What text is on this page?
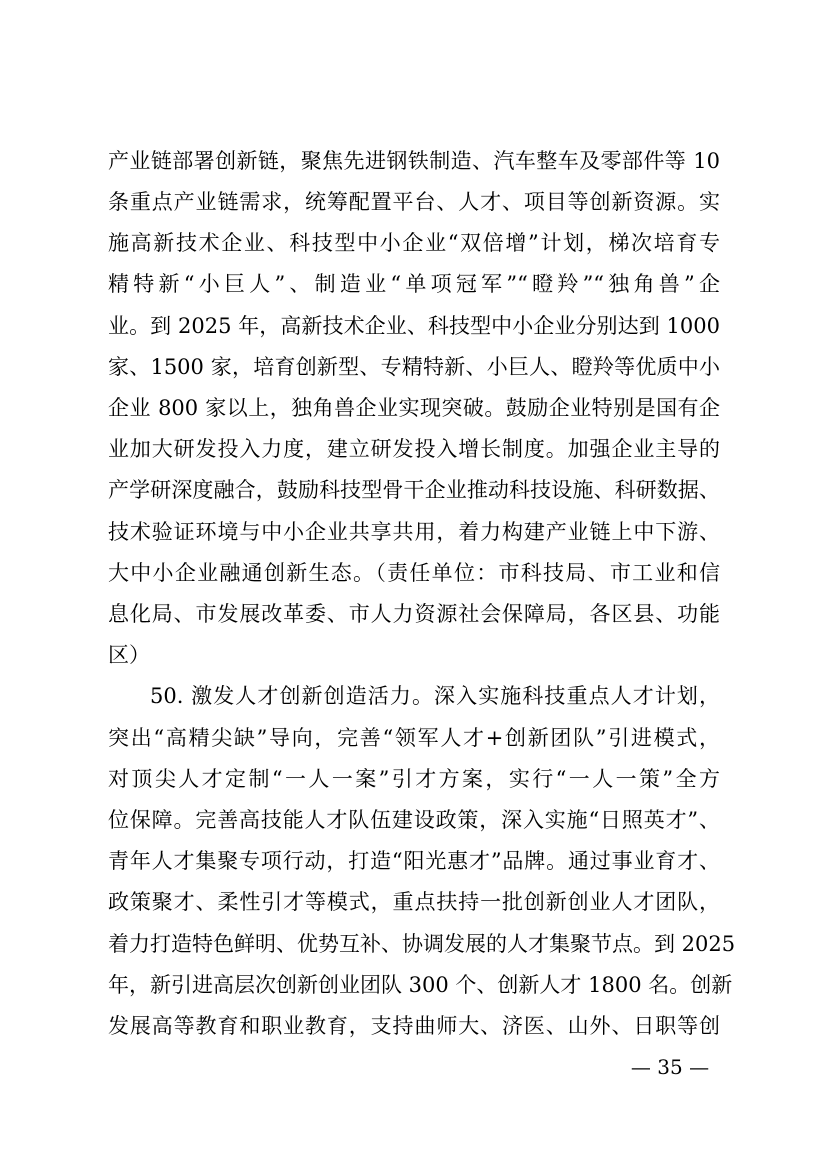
产业链部署创新链，聚焦先进钢铁制造、汽车整车及零部件等 10
条重点产业链需求，统筹配置平台、人才、项目等创新资源。实
施高新技术企业、科技型中小企业“双倍增”计划，梯次培育专
精特新“小巨人”、制造业“单项冠军”“瞪羚”“独角兽”企
业。到 2025 年，高新技术企业、科技型中小企业分别达到 1000
家、1500 家，培育创新型、专精特新、小巨人、瞪羚等优质中小
企业 800 家以上，独角兽企业实现突破。鼓励企业特别是国有企
业加大研发投入力度，建立研发投入增长制度。加强企业主导的
产学研深度融合，鼓励科技型骨干企业推动科技设施、科研数据、
技术验证环境与中小企业共享共用，着力构建产业链上中下游、
大中小企业融通创新生态。（责任单位：市科技局、市工业和信
息化局、市发展改革委、市人力资源社会保障局，各区县、功能
区）
50. 激发人才创新创造活力。深入实施科技重点人才计划，
突出“高精尖缺”导向，完善“领军人才+创新团队”引进模式，
对顶尖人才定制“一人一案”引才方案，实行“一人一策”全方
位保障。完善高技能人才队伍建设政策，深入实施“日照英才”、
青年人才集聚专项行动，打造“阳光惠才”品牌。通过事业育才、
政策聚才、柔性引才等模式，重点扶持一批创新创业人才团队，
着力打造特色鲜明、优势互补、协调发展的人才集聚节点。到 2025
年，新引进高层次创新创业团队 300 个、创新人才 1800 名。创新
发展高等教育和职业教育，支持曲师大、济医、山外、日职等创
— 35 —
